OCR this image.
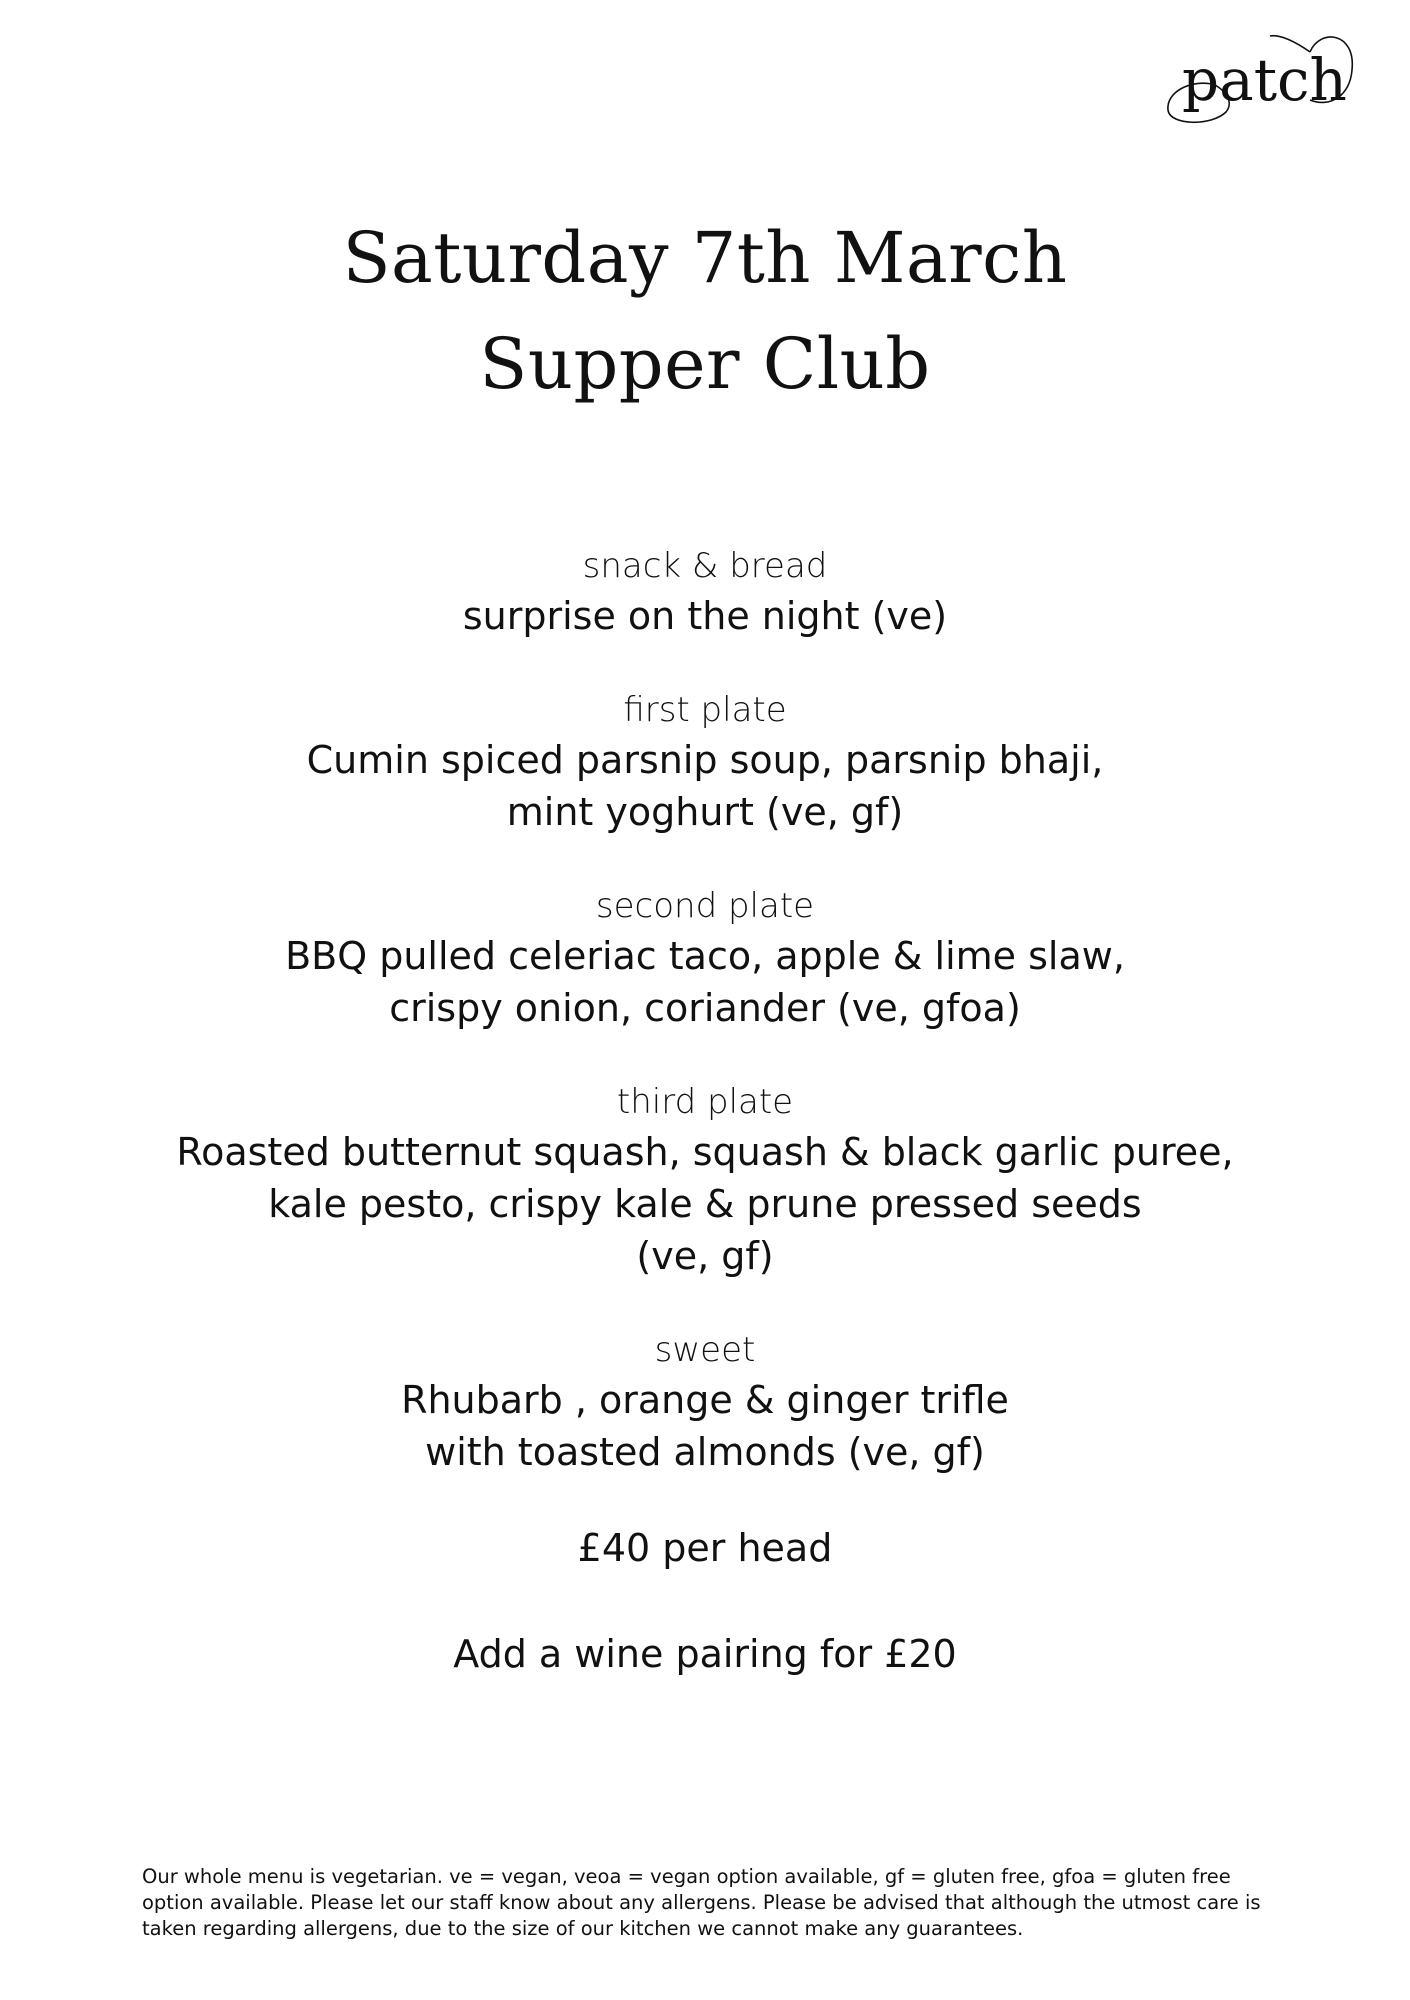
patch
Saturday 7th March
Supper Club
snack & bread
surprise on the night (ve)
first plate
Cumin spiced parsnip soup, parsnip bhaji,
mint yoghurt (ve, gf)
second plate
BBQ pulled celeriac taco, apple & lime slaw,
crispy onion, coriander (ve, gfoa)
third plate
Roasted butternut squash, squash & black garlic puree,
kale pesto, crispy kale & prune pressed seeds
(ve, gf)
sweet
Rhubarb , orange & ginger trifle
with toasted almonds (ve, gf)
£40 per head
Add a wine pairing for £20
Our whole menu is vegetarian. ve = vegan, veoa = vegan option available, gf = gluten free, gfoa = gluten free option available. Please let our staff know about any allergens. Please be advised that although the utmost care is taken regarding allergens, due to the size of our kitchen we cannot make any guarantees.
